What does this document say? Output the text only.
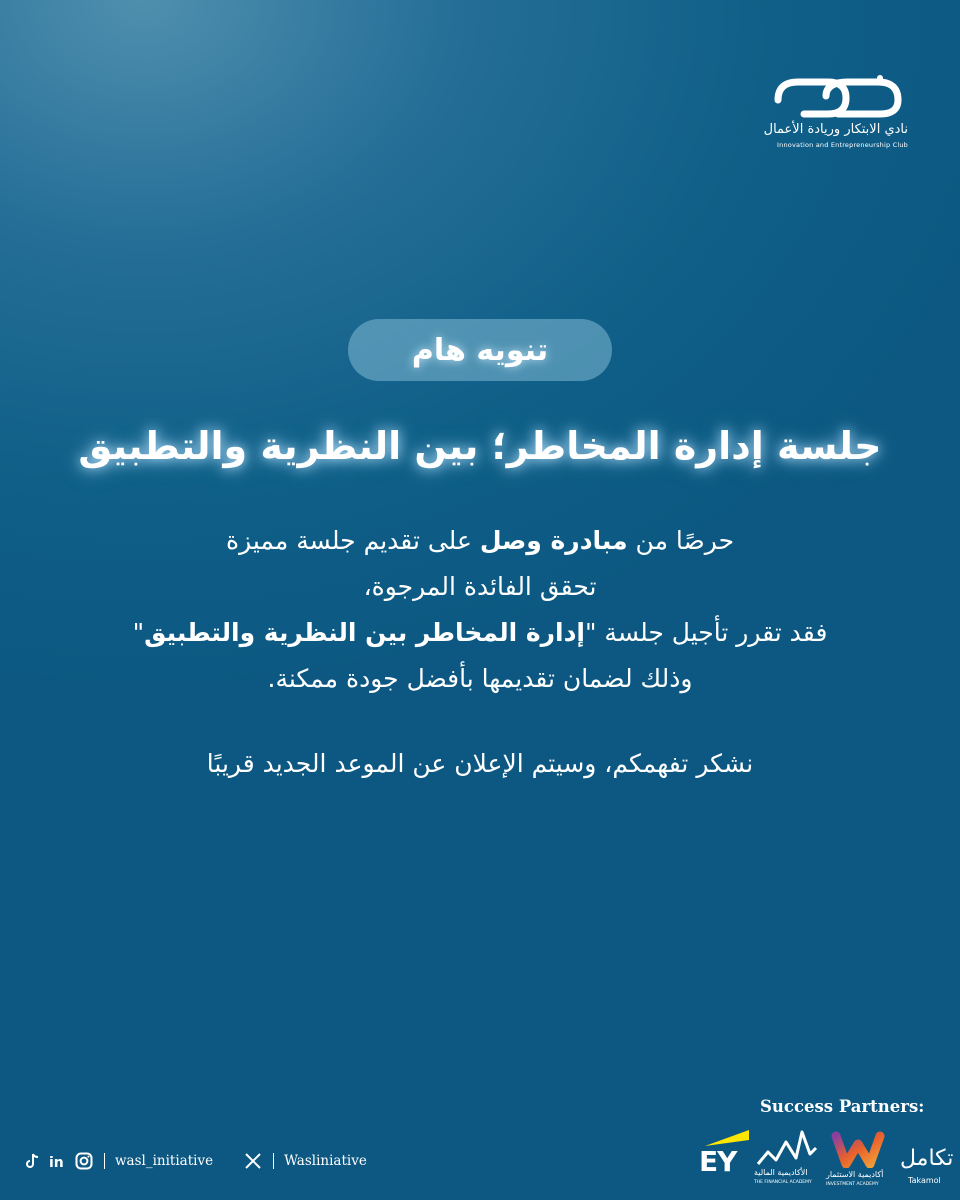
نادي الابتكار وريادة الأعمال
Innovation and Entrepreneurship Club
تنويه هام
جلسة إدارة المخاطر؛ بين النظرية والتطبيق
حرصًا من مبادرة وصل على تقديم جلسة مميزة
تحقق الفائدة المرجوة،
فقد تقرر تأجيل جلسة "إدارة المخاطر بين النظرية والتطبيق"
وذلك لضمان تقديمها بأفضل جودة ممكنة.
نشكر تفهمكم، وسيتم الإعلان عن الموعد الجديد قريبًا
Success Partners:
EY الأكاديمية المالية
THE FINANCIAL ACADEMY
أكاديمية الاستثمار
INVESTMENT ACADEMY
تكامل
Takamol
in	wasl_initiative	Wasliniative
